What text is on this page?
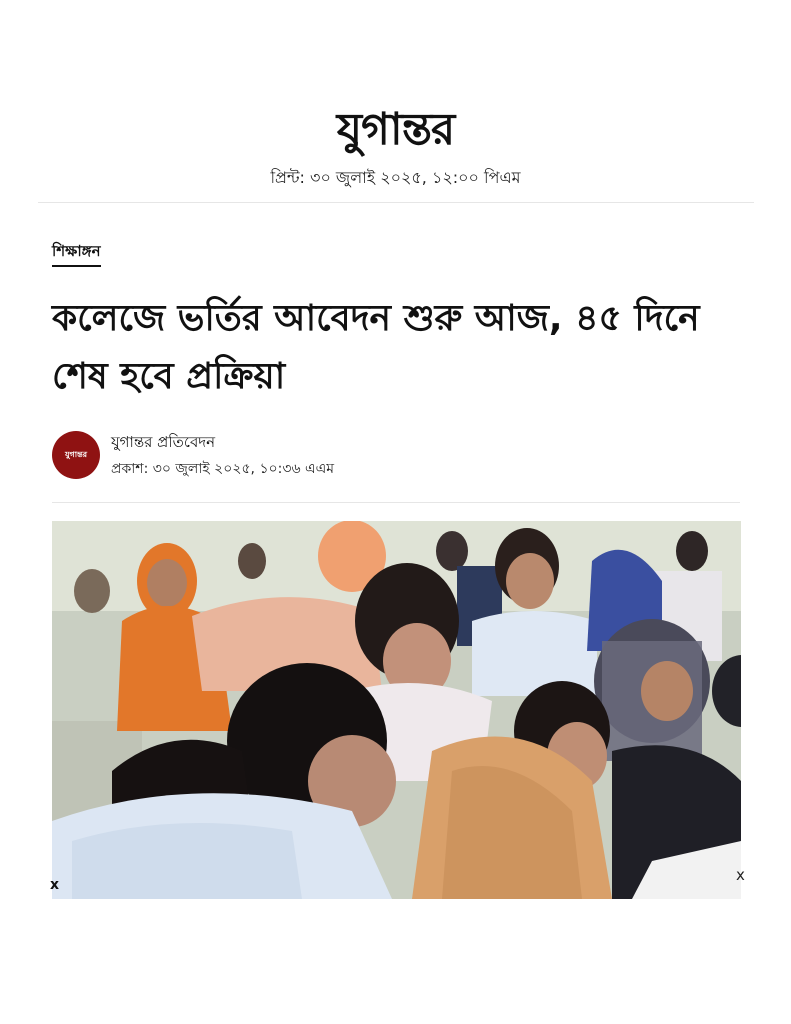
যুগান্তর
প্রিন্ট: ৩০ জুলাই ২০২৫, ১২:০০ পিএম
শিক্ষাঙ্গন
কলেজে ভর্তির আবেদন শুরু আজ, ৪৫ দিনে শেষ হবে প্রক্রিয়া
যুগান্তর
যুগান্তর প্রতিবেদন
প্রকাশ: ৩০ জুলাই ২০২৫, ১০:৩৬ এএম
x
x
